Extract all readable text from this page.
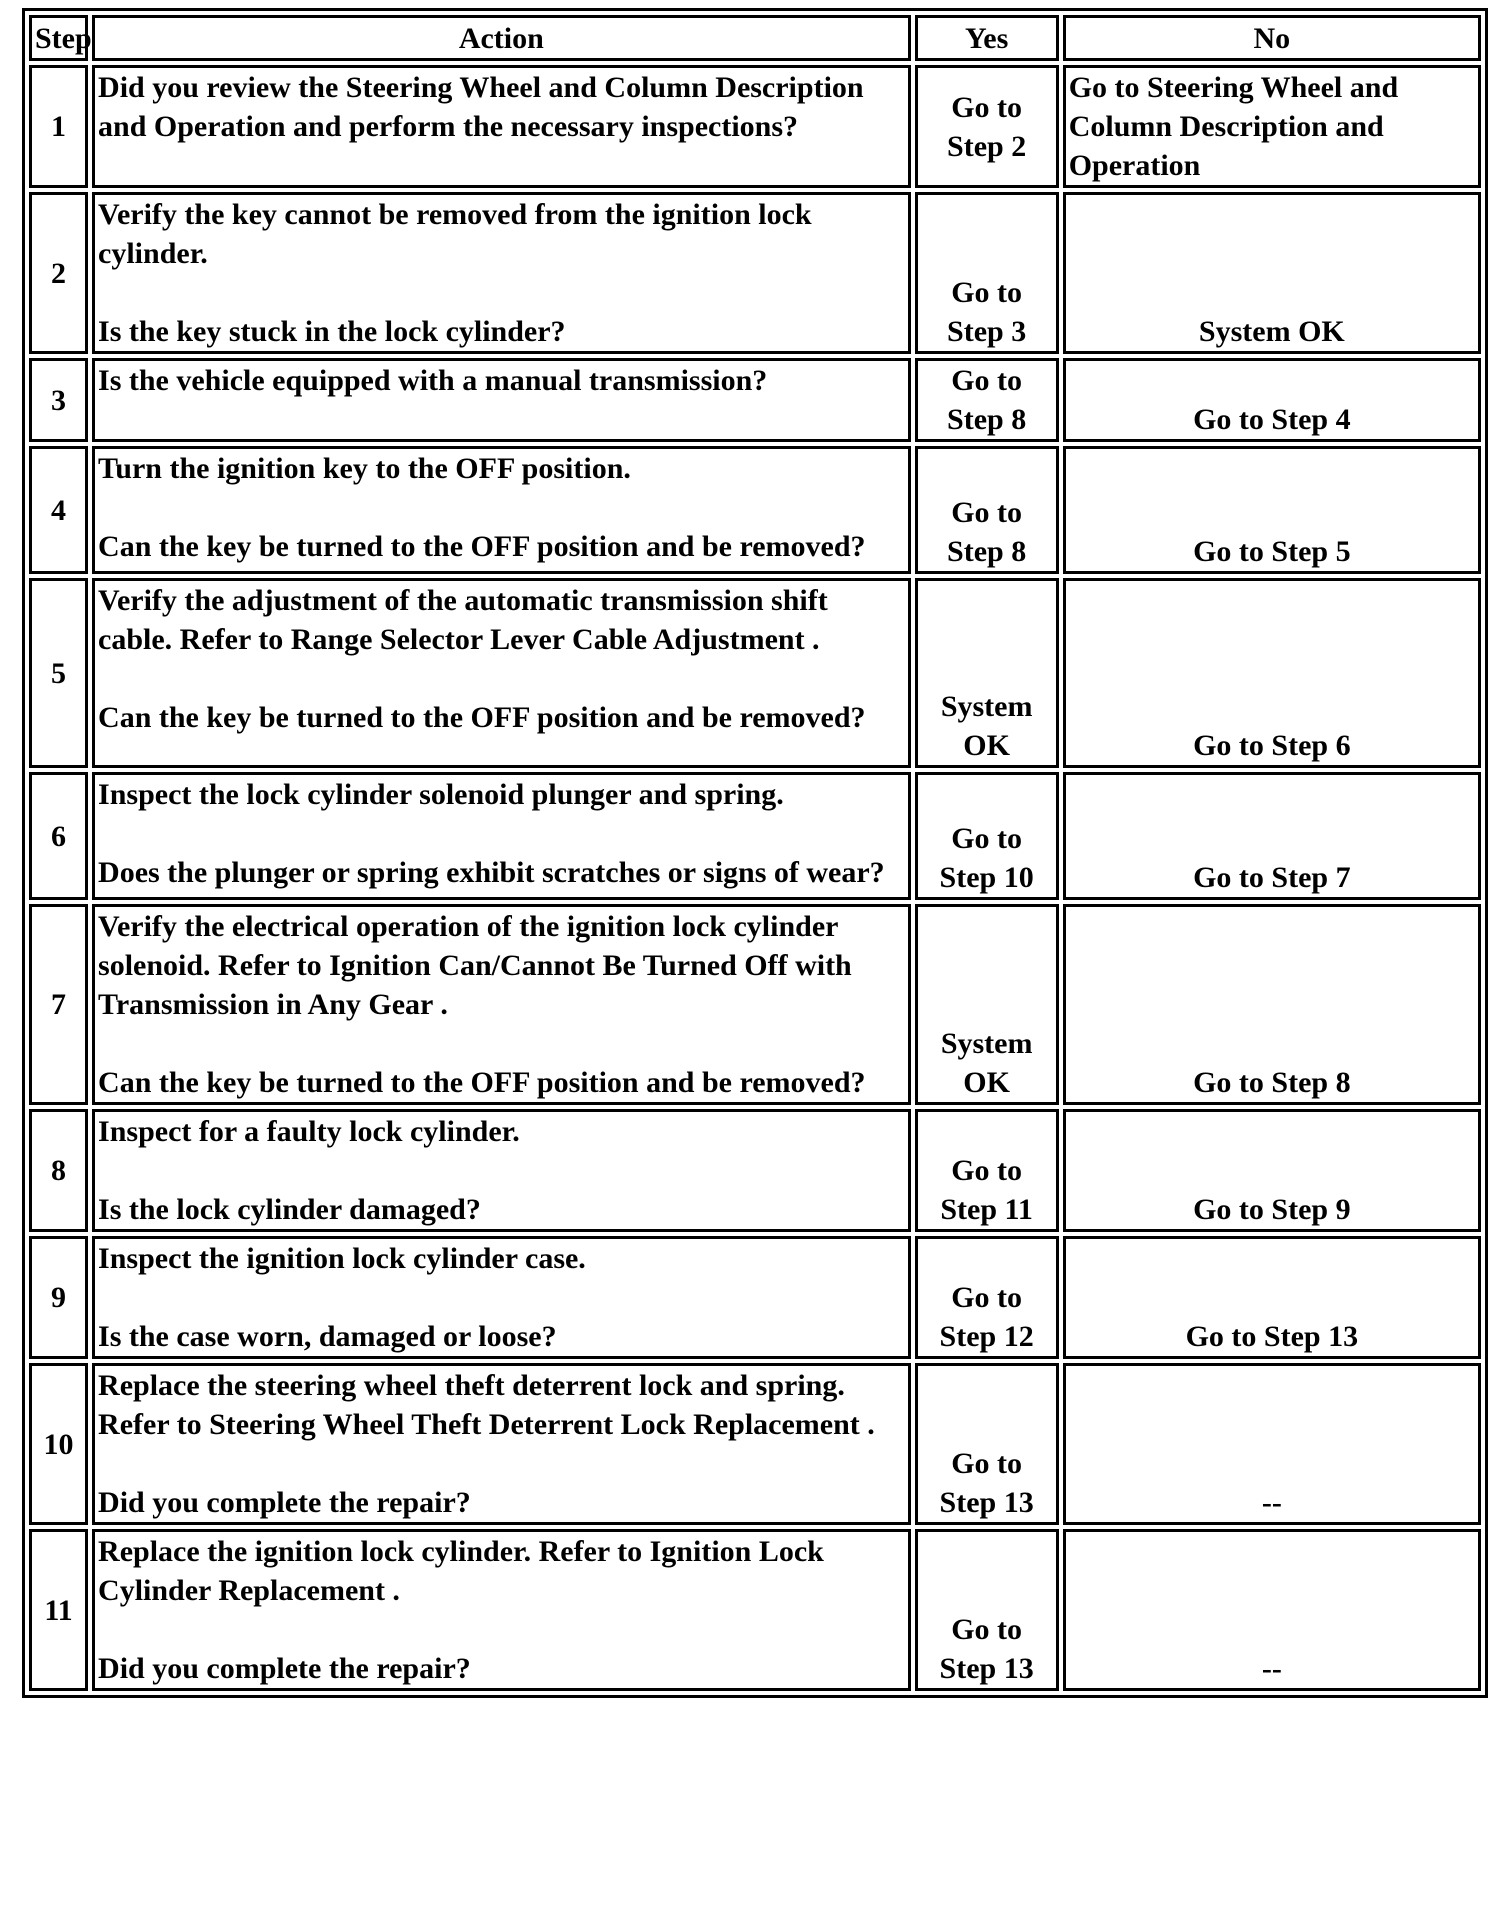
Step	Action	Yes	No
1	Did you review the Steering Wheel and Column Description and Operation and perform the necessary inspections?	Go to Step 2	Go to Steering Wheel and Column Description and Operation
2	Verify the key cannot be removed from the ignition lock cylinder.
Is the key stuck in the lock cylinder?	Go to Step 3	System OK
3	Is the vehicle equipped with a manual transmission?	Go to Step 8	Go to Step 4
4	Turn the ignition key to the OFF position.
Can the key be turned to the OFF position and be removed?	Go to Step 8	Go to Step 5
5	Verify the adjustment of the automatic transmission shift cable. Refer to Range Selector Lever Cable Adjustment .
Can the key be turned to the OFF position and be removed?	System OK	Go to Step 6
6	Inspect the lock cylinder solenoid plunger and spring.
Does the plunger or spring exhibit scratches or signs of wear?	Go to Step 10	Go to Step 7
7	Verify the electrical operation of the ignition lock cylinder solenoid. Refer to Ignition Can/Cannot Be Turned Off with Transmission in Any Gear .
Can the key be turned to the OFF position and be removed?	System OK	Go to Step 8
8	Inspect for a faulty lock cylinder.
Is the lock cylinder damaged?	Go to Step 11	Go to Step 9
9	Inspect the ignition lock cylinder case.
Is the case worn, damaged or loose?	Go to Step 12	Go to Step 13
10	Replace the steering wheel theft deterrent lock and spring. Refer to Steering Wheel Theft Deterrent Lock Replacement .
Did you complete the repair?	Go to Step 13	--
11	Replace the ignition lock cylinder. Refer to Ignition Lock Cylinder Replacement .
Did you complete the repair?	Go to Step 13	--
